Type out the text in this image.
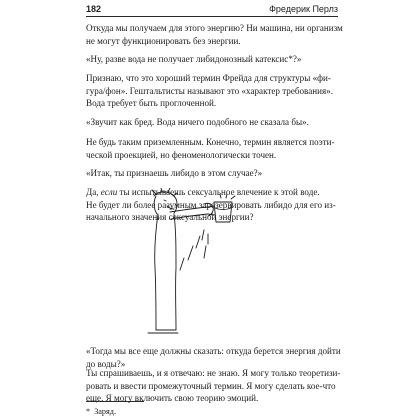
182	Фредерик Перлз

Откуда мы получаем для этого энергию? Ни машина, ни организм
не могут функционировать без энергии.

«Ну, разве вода не получает либидонозный катексис*?»

Признаю, что это хороший термин Фрейда для структуры «фи-
гура/фон». Гештальтисты называют это «характер требования».
Вода требует быть проглоченной.

«Звучит как бред. Вода ничего подобного не сказала бы».

Не будь таким приземленным. Конечно, термин является поэти-
ческой проекцией, но феноменологически точен.

«Итак, ты признаешь либидо в этом случае?»

Да, если ты испытываешь сексуальное влечение к этой воде.
Не будет ли более разумным зарезервировать либидо для его из-
начального значения сексуальной энергии?

«Тогда мы все еще должны сказать: откуда берется энергия дойти
до воды?»

Ты спрашиваешь, и я отвечаю: не знаю. Я могу только теоретизи-
ровать и ввести промежуточный термин. Я могу сделать кое-что
еще. Я могу включить свою теорию эмоций.

* Заряд.
